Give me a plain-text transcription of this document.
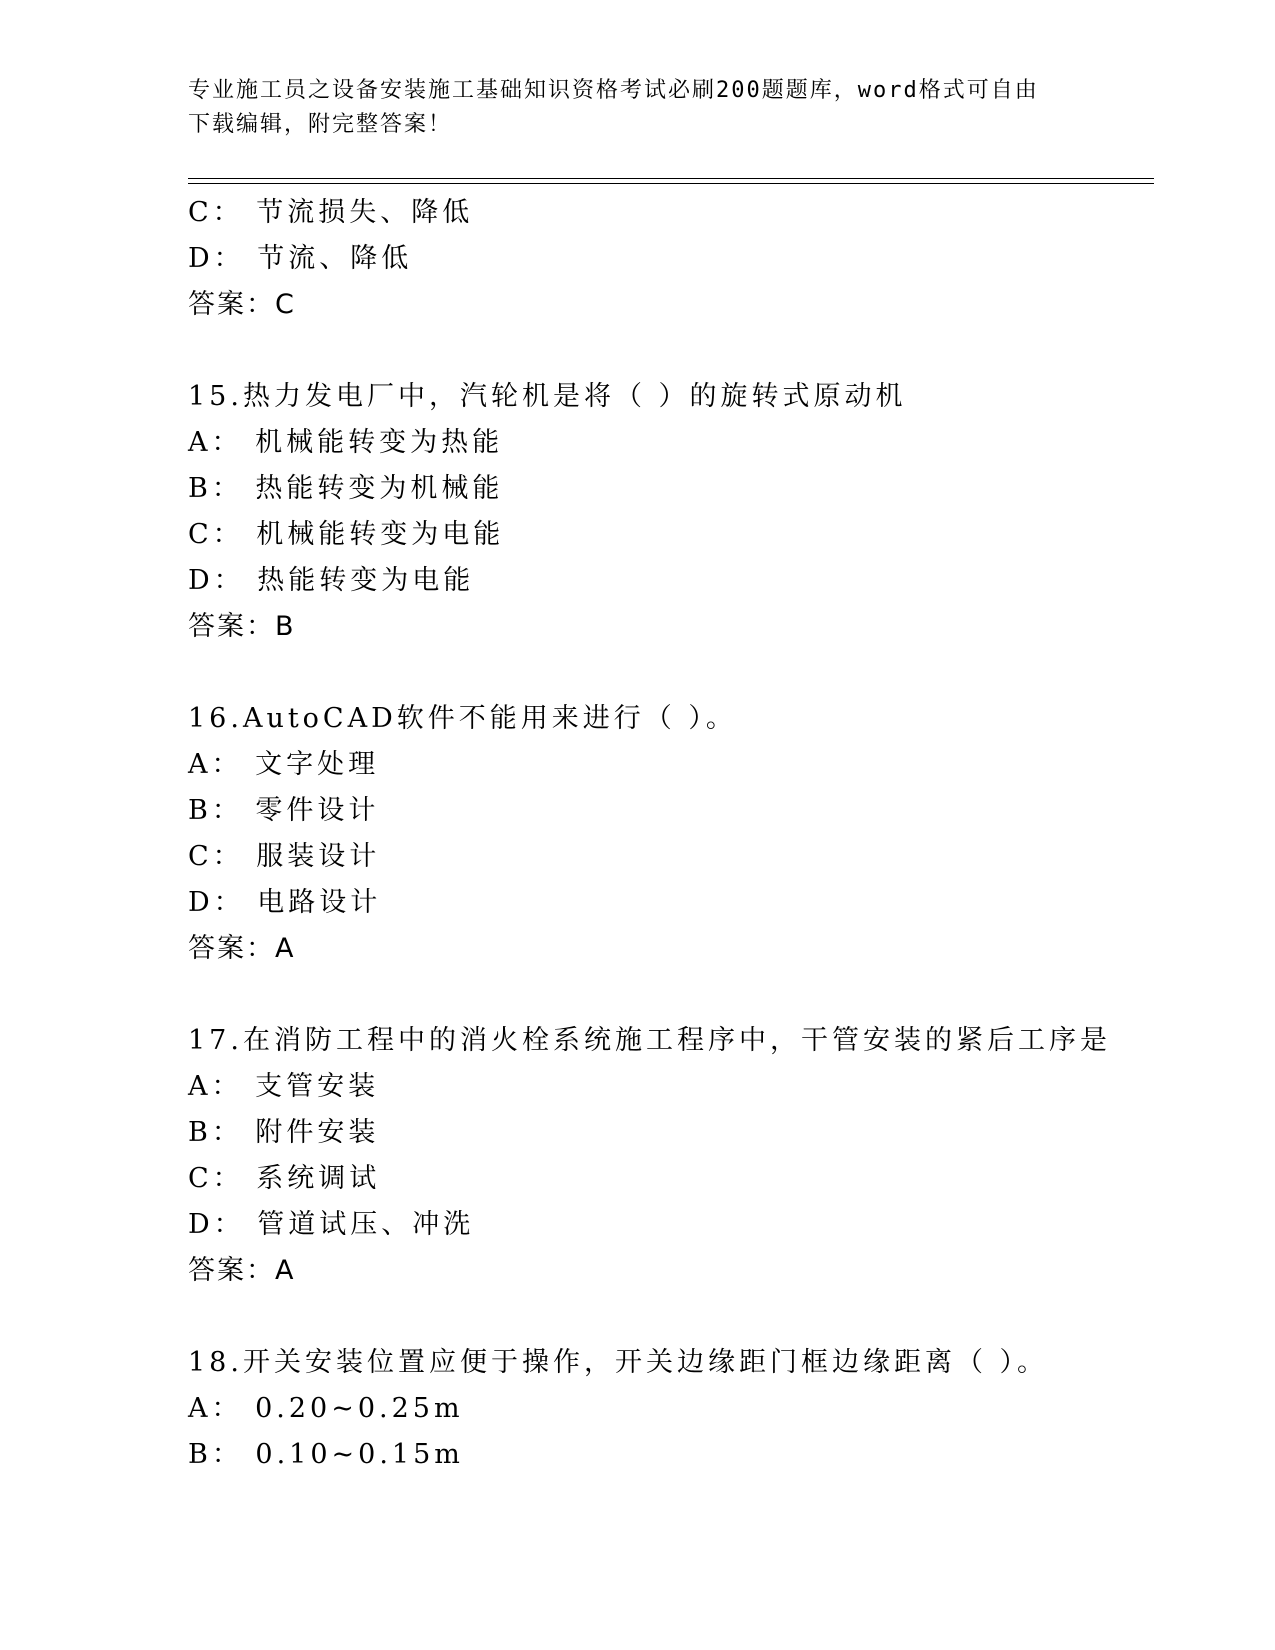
专业施工员之设备安装施工基础知识资格考试必刷200题题库，word格式可自由
下载编辑，附完整答案！
C： 节流损失、降低
D： 节流、降低
答案：C
15.热力发电厂中，汽轮机是将（ ）的旋转式原动机
A： 机械能转变为热能
B： 热能转变为机械能
C： 机械能转变为电能
D： 热能转变为电能
答案：B
16.AutoCAD软件不能用来进行（ ）。
A： 文字处理
B： 零件设计
C： 服装设计
D： 电路设计
答案：A
17.在消防工程中的消火栓系统施工程序中，干管安装的紧后工序是
A： 支管安装
B： 附件安装
C： 系统调试
D： 管道试压、冲洗
答案：A
18.开关安装位置应便于操作，开关边缘距门框边缘距离（ ）。
A： 0.20~0.25m
B： 0.10~0.15m
